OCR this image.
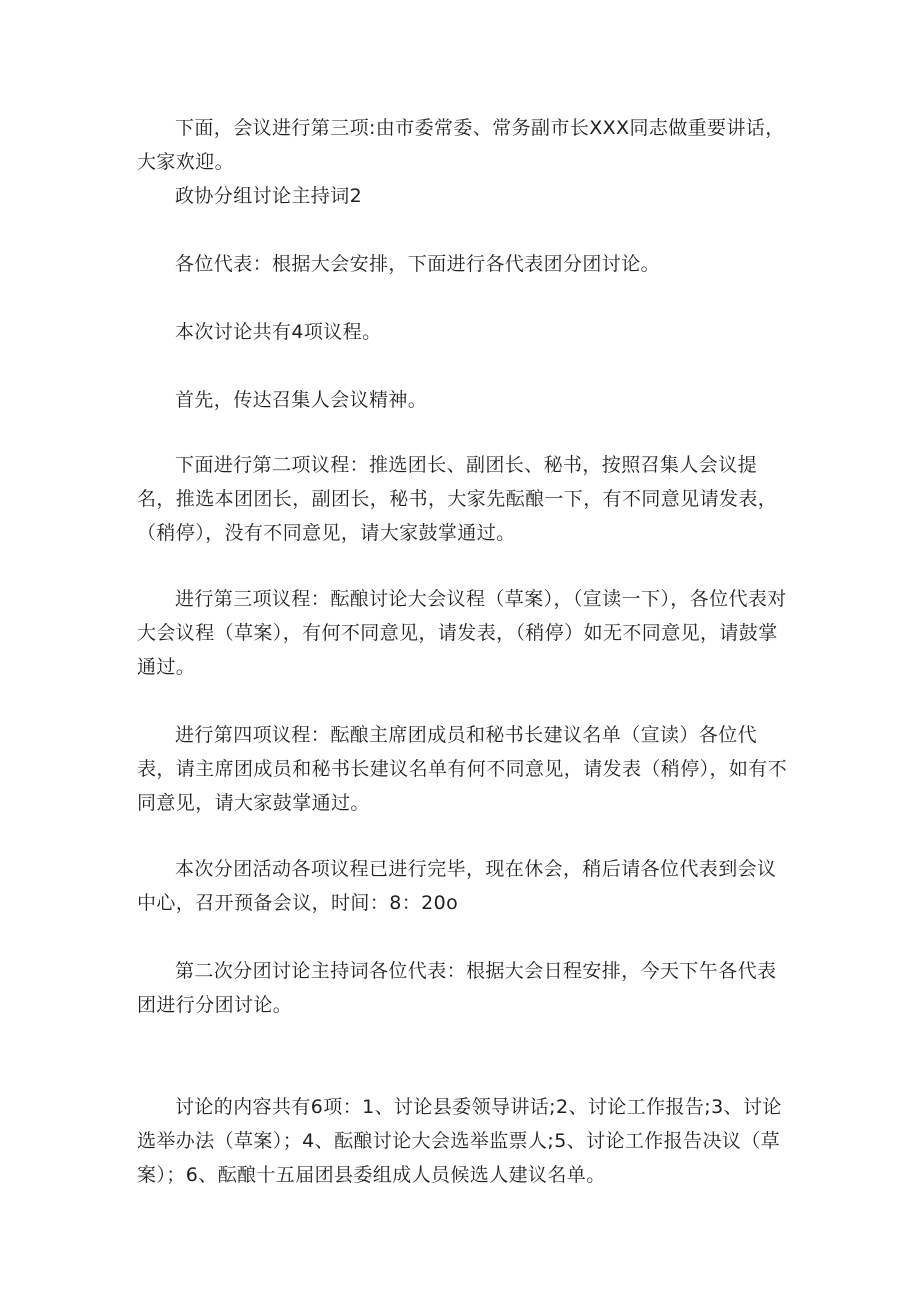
下面，会议进行第三项:由市委常委、常务副市长XXX同志做重要讲话，大家欢迎。

政协分组讨论主持词2

各位代表：根据大会安排，下面进行各代表团分团讨论。

本次讨论共有4项议程。

首先，传达召集人会议精神。

下面进行第二项议程：推选团长、副团长、秘书，按照召集人会议提名，推选本团团长，副团长，秘书，大家先酝酿一下，有不同意见请发表，（稍停），没有不同意见，请大家鼓掌通过。

进行第三项议程：酝酿讨论大会议程（草案），（宣读一下），各位代表对大会议程（草案），有何不同意见，请发表，（稍停）如无不同意见，请鼓掌通过。

进行第四项议程：酝酿主席团成员和秘书长建议名单（宣读）各位代表，请主席团成员和秘书长建议名单有何不同意见，请发表（稍停），如有不同意见，请大家鼓掌通过。

本次分团活动各项议程已进行完毕，现在休会，稍后请各位代表到会议中心，召开预备会议，时间：8：20o

第二次分团讨论主持词各位代表：根据大会日程安排，今天下午各代表团进行分团讨论。

讨论的内容共有6项：1、讨论县委领导讲话;2、讨论工作报告;3、讨论选举办法（草案）；4、酝酿讨论大会选举监票人;5、讨论工作报告决议（草案）；6、酝酿十五届团县委组成人员候选人建议名单。
